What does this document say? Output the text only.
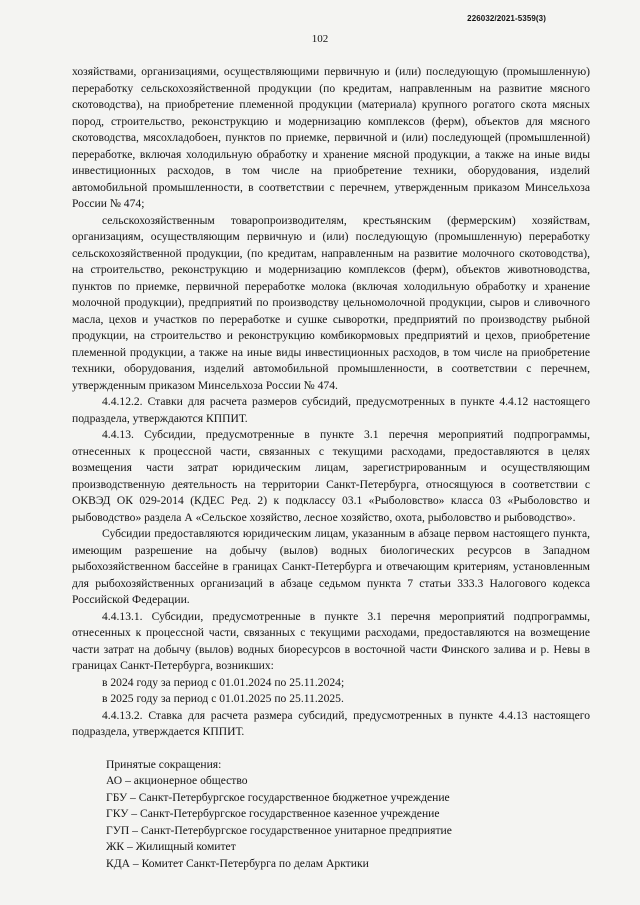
226032/2021-5359(3)
102

хозяйствами, организациями, осуществляющими первичную и (или) последующую (промышленную) переработку сельскохозяйственной продукции (по кредитам, направленным на развитие мясного скотоводства), на приобретение племенной продукции (материала) крупного рогатого скота мясных пород, строительство, реконструкцию и модернизацию комплексов (ферм), объектов для мясного скотоводства, мясохладобоен, пунктов по приемке, первичной и (или) последующей (промышленной) переработке, включая холодильную обработку и хранение мясной продукции, а также на иные виды инвестиционных расходов, в том числе на приобретение техники, оборудования, изделий автомобильной промышленности, в соответствии с перечнем, утвержденным приказом Минсельхоза России № 474;

сельскохозяйственным товаропроизводителям, крестьянским (фермерским) хозяйствам, организациям, осуществляющим первичную и (или) последующую (промышленную) переработку сельскохозяйственной продукции, (по кредитам, направленным на развитие молочного скотоводства), на строительство, реконструкцию и модернизацию комплексов (ферм), объектов животноводства, пунктов по приемке, первичной переработке молока (включая холодильную обработку и хранение молочной продукции), предприятий по производству цельномолочной продукции, сыров и сливочного масла, цехов и участков по переработке и сушке сыворотки, предприятий по производству рыбной продукции, на строительство и реконструкцию комбикормовых предприятий и цехов, приобретение племенной продукции, а также на иные виды инвестиционных расходов, в том числе на приобретение техники, оборудования, изделий автомобильной промышленности, в соответствии с перечнем, утвержденным приказом Минсельхоза России № 474.

4.4.12.2. Ставки для расчета размеров субсидий, предусмотренных в пункте 4.4.12 настоящего подраздела, утверждаются КППИТ.

4.4.13. Субсидии, предусмотренные в пункте 3.1 перечня мероприятий подпрограммы, отнесенных к процессной части, связанных с текущими расходами, предоставляются в целях возмещения части затрат юридическим лицам, зарегистрированным и осуществляющим производственную деятельность на территории Санкт-Петербурга, относящуюся в соответствии с ОКВЭД ОК 029-2014 (КДЕС Ред. 2) к подклассу 03.1 «Рыболовство» класса 03 «Рыболовство и рыбоводство» раздела А «Сельское хозяйство, лесное хозяйство, охота, рыболовство и рыбоводство».

Субсидии предоставляются юридическим лицам, указанным в абзаце первом настоящего пункта, имеющим разрешение на добычу (вылов) водных биологических ресурсов в Западном рыбохозяйственном бассейне в границах Санкт-Петербурга и отвечающим критериям, установленным для рыбохозяйственных организаций в абзаце седьмом пункта 7 статьи 333.3 Налогового кодекса Российской Федерации.

4.4.13.1. Субсидии, предусмотренные в пункте 3.1 перечня мероприятий подпрограммы, отнесенных к процессной части, связанных с текущими расходами, предоставляются на возмещение части затрат на добычу (вылов) водных биоресурсов в восточной части Финского залива и р. Невы в границах Санкт-Петербурга, возникших:

в 2024 году за период с 01.01.2024 по 25.11.2024;

в 2025 году за период с 01.01.2025 по 25.11.2025.

4.4.13.2. Ставка для расчета размера субсидий, предусмотренных в пункте 4.4.13 настоящего подраздела, утверждается КППИТ.

Принятые сокращения:
АО – акционерное общество
ГБУ – Санкт-Петербургское государственное бюджетное учреждение
ГКУ – Санкт-Петербургское государственное казенное учреждение
ГУП – Санкт-Петербургское государственное унитарное предприятие
ЖК – Жилищный комитет
КДА – Комитет Санкт-Петербурга по делам Арктики
